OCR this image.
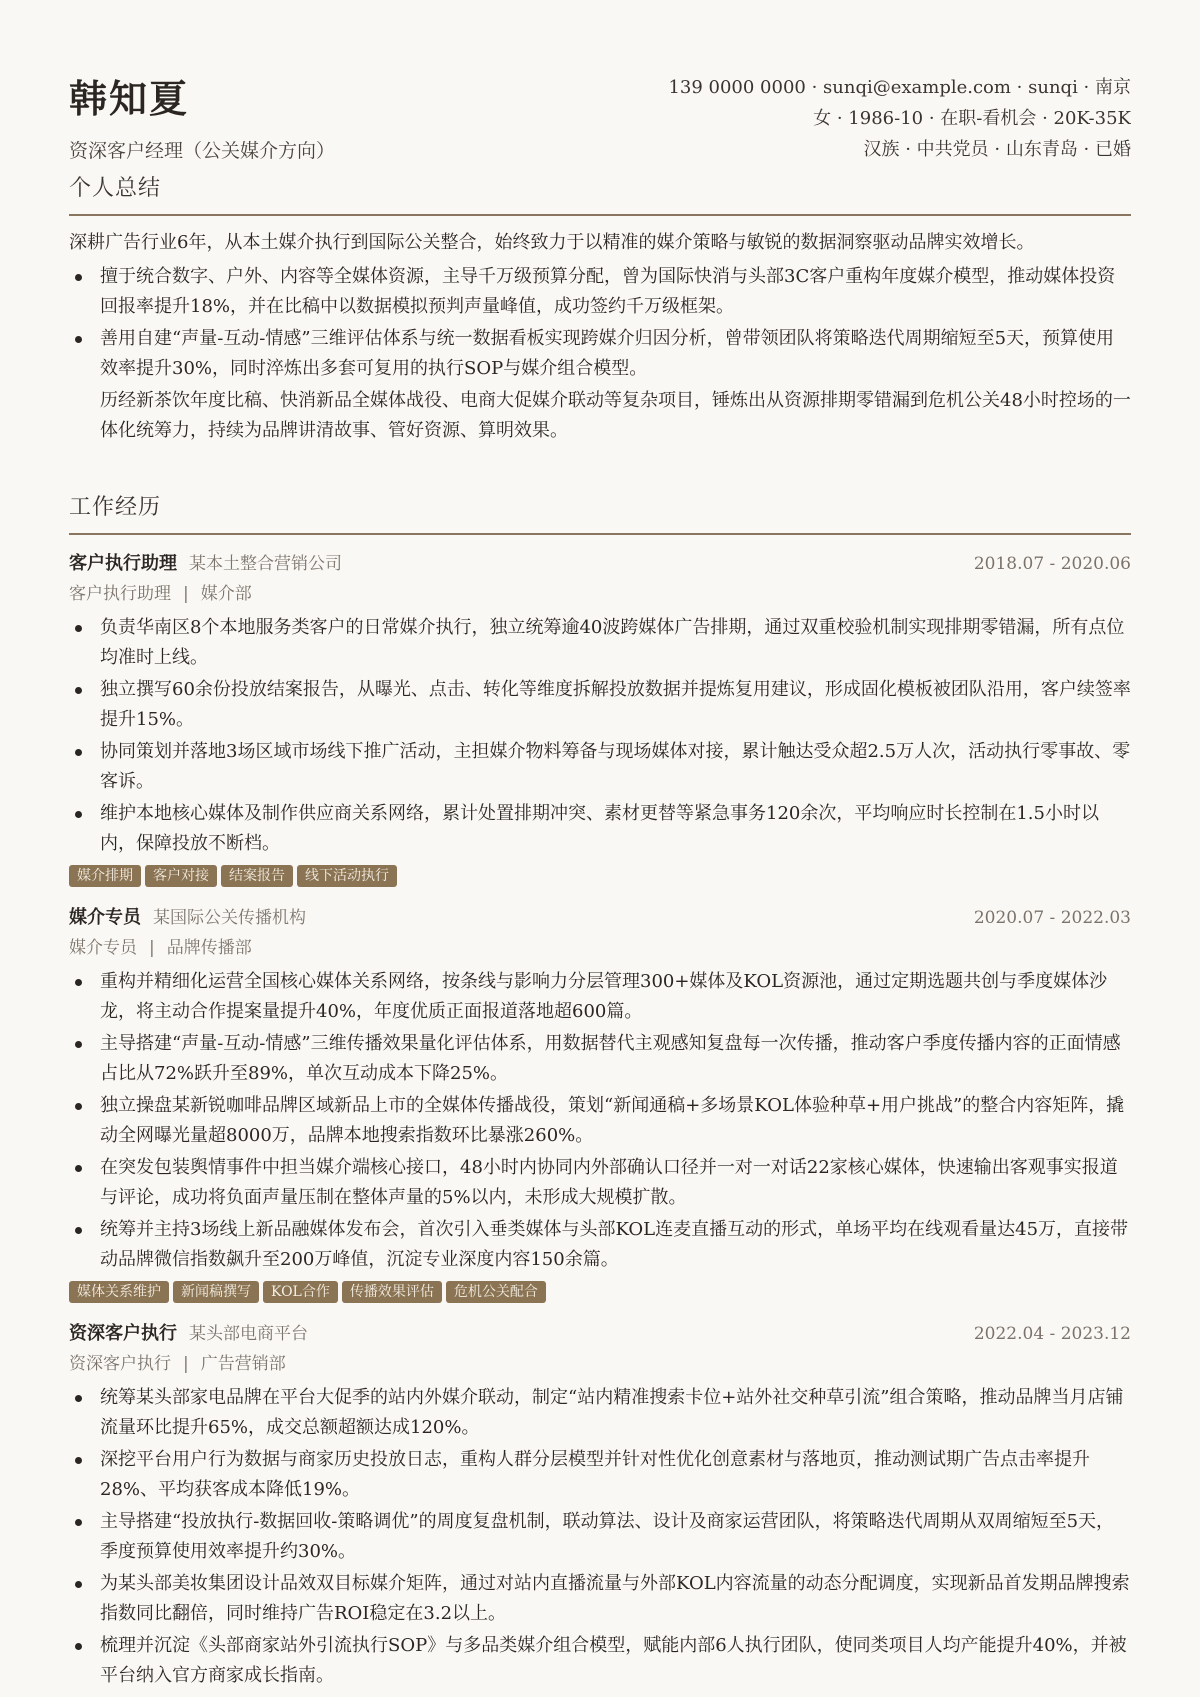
韩知夏
资深客户经理（公关媒介方向）
139 0000 0000 · sunqi@example.com · sunqi · 南京
女 · 1986-10 · 在职-看机会 · 20K-35K
汉族 · 中共党员 · 山东青岛 · 已婚
个人总结

深耕广告行业6年，从本土媒介执行到国际公关整合，始终致力于以精准的媒介策略与敏锐的数据洞察驱动品牌实效增长。

擅于统合数字、户外、内容等全媒体资源，主导千万级预算分配，曾为国际快消与头部3C客户重构年度媒介模型，推动媒体投资回报率提升18%，并在比稿中以数据模拟预判声量峰值，成功签约千万级框架。
善用自建“声量-互动-情感”三维评估体系与统一数据看板实现跨媒介归因分析，曾带领团队将策略迭代周期缩短至5天，预算使用效率提升30%，同时淬炼出多套可复用的执行SOP与媒介组合模型。

历经新茶饮年度比稿、快消新品全媒体战役、电商大促媒介联动等复杂项目，锤炼出从资源排期零错漏到危机公关48小时控场的一体化统筹力，持续为品牌讲清故事、管好资源、算明效果。

工作经历
客户执行助理 某本土整合营销公司	2018.07 - 2020.06
客户执行助理 | 媒介部
负责华南区8个本地服务类客户的日常媒介执行，独立统筹逾40波跨媒体广告排期，通过双重校验机制实现排期零错漏，所有点位均准时上线。
独立撰写60余份投放结案报告，从曝光、点击、转化等维度拆解投放数据并提炼复用建议，形成固化模板被团队沿用，客户续签率提升15%。
协同策划并落地3场区域市场线下推广活动，主担媒介物料筹备与现场媒体对接，累计触达受众超2.5万人次，活动执行零事故、零客诉。
维护本地核心媒体及制作供应商关系网络，累计处置排期冲突、素材更替等紧急事务120余次，平均响应时长控制在1.5小时以内，保障投放不断档。
媒介排期 客户对接 结案报告 线下活动执行
媒介专员 某国际公关传播机构	2020.07 - 2022.03
媒介专员 | 品牌传播部
重构并精细化运营全国核心媒体关系网络，按条线与影响力分层管理300+媒体及KOL资源池，通过定期选题共创与季度媒体沙龙，将主动合作提案量提升40%，年度优质正面报道落地超600篇。
主导搭建“声量-互动-情感”三维传播效果量化评估体系，用数据替代主观感知复盘每一次传播，推动客户季度传播内容的正面情感占比从72%跃升至89%，单次互动成本下降25%。
独立操盘某新锐咖啡品牌区域新品上市的全媒体传播战役，策划“新闻通稿+多场景KOL体验种草+用户挑战”的整合内容矩阵，撬动全网曝光量超8000万，品牌本地搜索指数环比暴涨260%。
在突发包装舆情事件中担当媒介端核心接口，48小时内协同内外部确认口径并一对一对话22家核心媒体，快速输出客观事实报道与评论，成功将负面声量压制在整体声量的5%以内，未形成大规模扩散。
统筹并主持3场线上新品融媒体发布会，首次引入垂类媒体与头部KOL连麦直播互动的形式，单场平均在线观看量达45万，直接带动品牌微信指数飙升至200万峰值，沉淀专业深度内容150余篇。
媒体关系维护 新闻稿撰写 KOL合作 传播效果评估 危机公关配合
资深客户执行 某头部电商平台	2022.04 - 2023.12
资深客户执行 | 广告营销部
统筹某头部家电品牌在平台大促季的站内外媒介联动，制定“站内精准搜索卡位+站外社交种草引流”组合策略，推动品牌当月店铺流量环比提升65%，成交总额超额达成120%。
深挖平台用户行为数据与商家历史投放日志，重构人群分层模型并针对性优化创意素材与落地页，推动测试期广告点击率提升28%、平均获客成本降低19%。
主导搭建“投放执行-数据回收-策略调优”的周度复盘机制，联动算法、设计及商家运营团队，将策略迭代周期从双周缩短至5天，季度预算使用效率提升约30%。
为某头部美妆集团设计品效双目标媒介矩阵，通过对站内直播流量与外部KOL内容流量的动态分配调度，实现新品首发期品牌搜索指数同比翻倍，同时维持广告ROI稳定在3.2以上。
梳理并沉淀《头部商家站外引流执行SOP》与多品类媒介组合模型，赋能内部6人执行团队，使同类项目人均产能提升40%，并被平台纳入官方商家成长指南。
